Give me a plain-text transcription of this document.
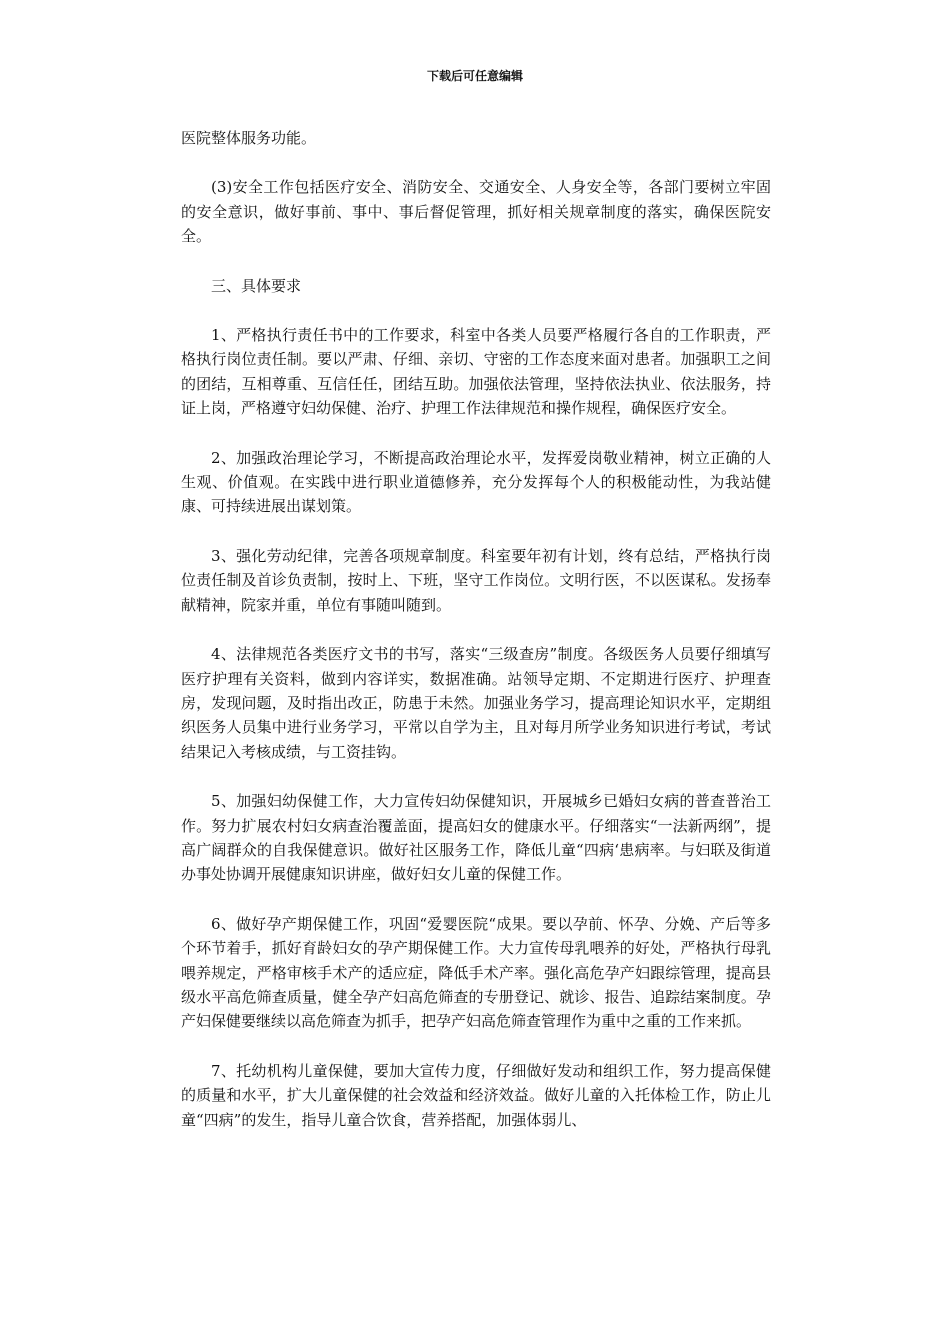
下载后可任意编辑

医院整体服务功能。

(3)安全工作包括医疗安全、消防安全、交通安全、人身安全等，各部门要树立牢固的安全意识，做好事前、事中、事后督促管理，抓好相关规章制度的落实，确保医院安全。

三、具体要求

1、严格执行责任书中的工作要求，科室中各类人员要严格履行各自的工作职责，严格执行岗位责任制。要以严肃、仔细、亲切、守密的工作态度来面对患者。加强职工之间的团结，互相尊重、互信任任，团结互助。加强依法管理，坚持依法执业、依法服务，持证上岗，严格遵守妇幼保健、治疗、护理工作法律规范和操作规程，确保医疗安全。

2、加强政治理论学习，不断提高政治理论水平，发挥爱岗敬业精神，树立正确的人生观、价值观。在实践中进行职业道德修养，充分发挥每个人的积极能动性，为我站健康、可持续进展出谋划策。

3、强化劳动纪律，完善各项规章制度。科室要年初有计划，终有总结，严格执行岗位责任制及首诊负责制，按时上、下班，坚守工作岗位。文明行医，不以医谋私。发扬奉献精神，院家并重，单位有事随叫随到。

4、法律规范各类医疗文书的书写，落实“三级查房”制度。各级医务人员要仔细填写医疗护理有关资料，做到内容详实，数据准确。站领导定期、不定期进行医疗、护理查房，发现问题，及时指出改正，防患于未然。加强业务学习，提高理论知识水平，定期组织医务人员集中进行业务学习，平常以自学为主，且对每月所学业务知识进行考试，考试结果记入考核成绩，与工资挂钩。

5、加强妇幼保健工作，大力宣传妇幼保健知识，开展城乡已婚妇女病的普查普治工作。努力扩展农村妇女病查治覆盖面，提高妇女的健康水平。仔细落实“一法新两纲”，提高广阔群众的自我保健意识。做好社区服务工作，降低儿童“四病‘患病率。与妇联及街道办事处协调开展健康知识讲座，做好妇女儿童的保健工作。

6、做好孕产期保健工作，巩固“爱婴医院“成果。要以孕前、怀孕、分娩、产后等多个环节着手，抓好育龄妇女的孕产期保健工作。大力宣传母乳喂养的好处，严格执行母乳喂养规定，严格审核手术产的适应症，降低手术产率。强化高危孕产妇跟综管理，提高县级水平高危筛查质量，健全孕产妇高危筛查的专册登记、就诊、报告、追踪结案制度。孕产妇保健要继续以高危筛查为抓手，把孕产妇高危筛查管理作为重中之重的工作来抓。

7、托幼机构儿童保健，要加大宣传力度，仔细做好发动和组织工作，努力提高保健的质量和水平，扩大儿童保健的社会效益和经济效益。做好儿童的入托体检工作，防止儿童“四病”的发生，指导儿童合饮食，营养搭配，加强体弱儿、
